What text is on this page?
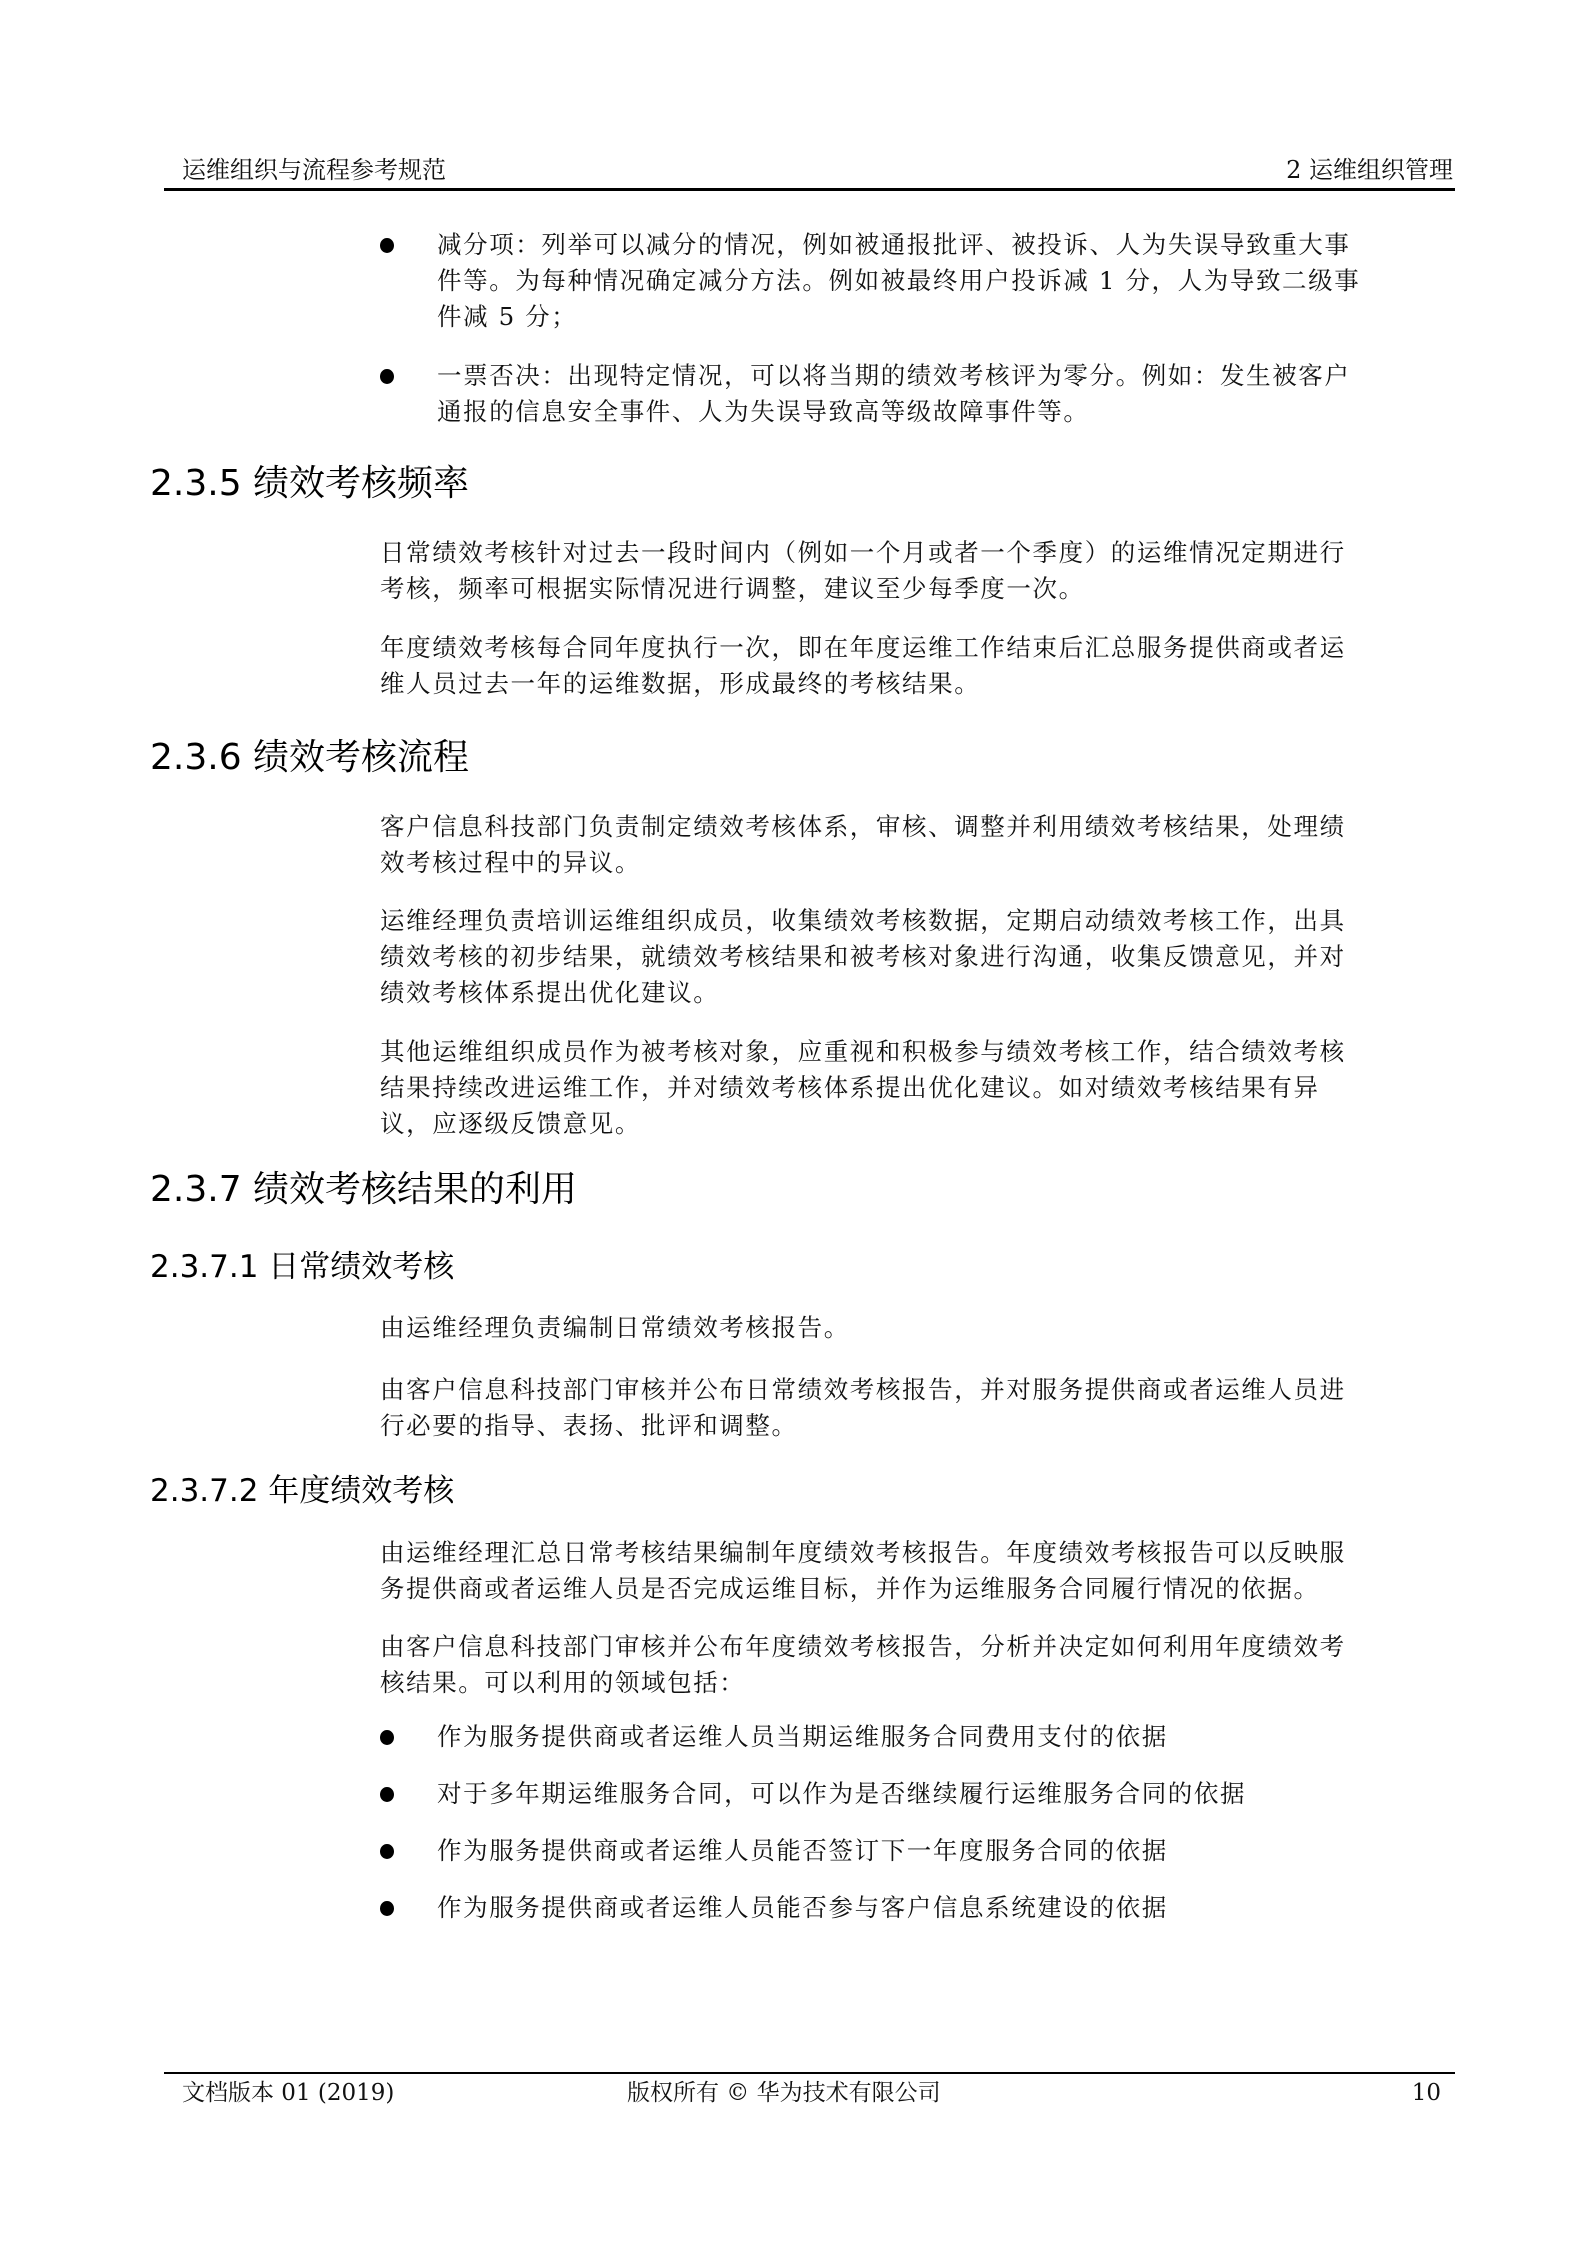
运维组织与流程参考规范	2 运维组织管理
减分项：列举可以减分的情况，例如被通报批评、被投诉、人为失误导致重大事
件等。为每种情况确定减分方法。例如被最终用户投诉减 1 分，人为导致二级事
件减 5 分；
一票否决：出现特定情况，可以将当期的绩效考核评为零分。例如：发生被客户
通报的信息安全事件、人为失误导致高等级故障事件等。
2.3.5 绩效考核频率
日常绩效考核针对过去一段时间内（例如一个月或者一个季度）的运维情况定期进行
考核，频率可根据实际情况进行调整，建议至少每季度一次。
年度绩效考核每合同年度执行一次，即在年度运维工作结束后汇总服务提供商或者运
维人员过去一年的运维数据，形成最终的考核结果。
2.3.6 绩效考核流程
客户信息科技部门负责制定绩效考核体系，审核、调整并利用绩效考核结果，处理绩
效考核过程中的异议。
运维经理负责培训运维组织成员，收集绩效考核数据，定期启动绩效考核工作，出具
绩效考核的初步结果，就绩效考核结果和被考核对象进行沟通，收集反馈意见，并对
绩效考核体系提出优化建议。
其他运维组织成员作为被考核对象，应重视和积极参与绩效考核工作，结合绩效考核
结果持续改进运维工作，并对绩效考核体系提出优化建议。如对绩效考核结果有异
议，应逐级反馈意见。
2.3.7 绩效考核结果的利用
2.3.7.1 日常绩效考核
由运维经理负责编制日常绩效考核报告。
由客户信息科技部门审核并公布日常绩效考核报告，并对服务提供商或者运维人员进
行必要的指导、表扬、批评和调整。
2.3.7.2 年度绩效考核
由运维经理汇总日常考核结果编制年度绩效考核报告。年度绩效考核报告可以反映服
务提供商或者运维人员是否完成运维目标，并作为运维服务合同履行情况的依据。
由客户信息科技部门审核并公布年度绩效考核报告，分析并决定如何利用年度绩效考
核结果。可以利用的领域包括：
作为服务提供商或者运维人员当期运维服务合同费用支付的依据
对于多年期运维服务合同，可以作为是否继续履行运维服务合同的依据
作为服务提供商或者运维人员能否签订下一年度服务合同的依据
作为服务提供商或者运维人员能否参与客户信息系统建设的依据
文档版本 01 (2019)	版权所有 © 华为技术有限公司	10
